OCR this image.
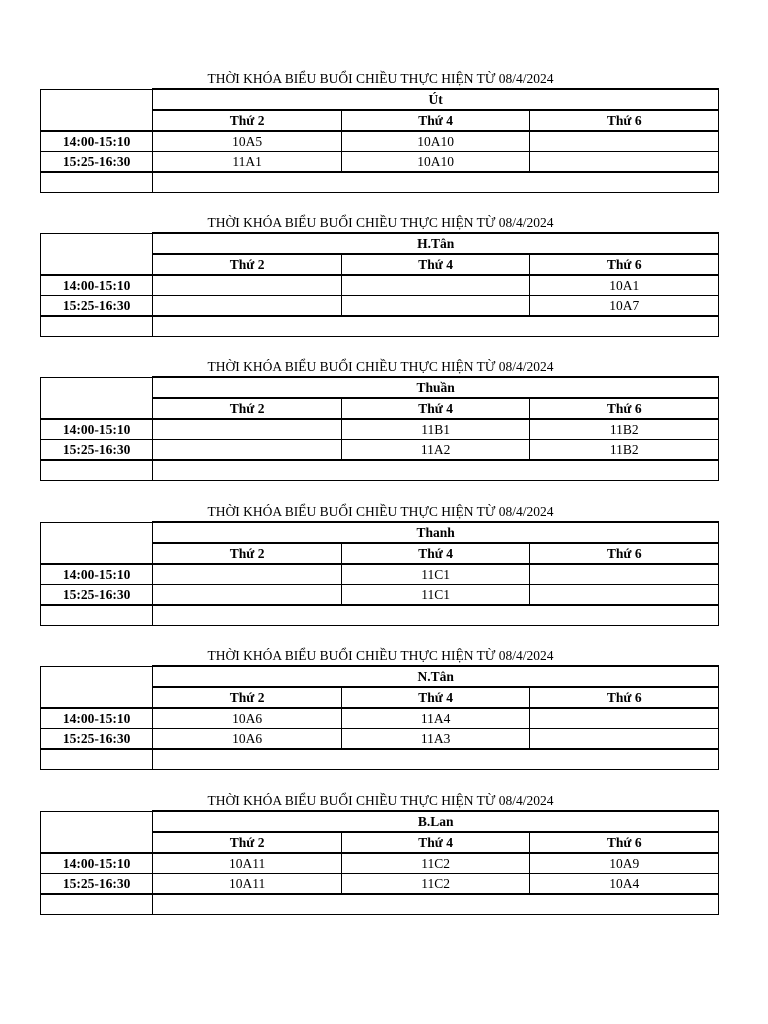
THỜI KHÓA BIỂU BUỔI CHIỀU THỰC HIỆN TỪ 08/4/2024
	Út		
	Thứ 2	Thứ 4	Thứ 6
14:00-15:10	10A5	10A10	
15:25-16:30	11A1	10A10	

THỜI KHÓA BIỂU BUỔI CHIỀU THỰC HIỆN TỪ 08/4/2024
	H.Tân		
	Thứ 2	Thứ 4	Thứ 6
14:00-15:10			10A1
15:25-16:30			10A7

THỜI KHÓA BIỂU BUỔI CHIỀU THỰC HIỆN TỪ 08/4/2024
	Thuần		
	Thứ 2	Thứ 4	Thứ 6
14:00-15:10		11B1	11B2
15:25-16:30		11A2	11B2

THỜI KHÓA BIỂU BUỔI CHIỀU THỰC HIỆN TỪ 08/4/2024
	Thanh		
	Thứ 2	Thứ 4	Thứ 6
14:00-15:10		11C1	
15:25-16:30		11C1	

THỜI KHÓA BIỂU BUỔI CHIỀU THỰC HIỆN TỪ 08/4/2024
	N.Tân		
	Thứ 2	Thứ 4	Thứ 6
14:00-15:10	10A6	11A4	
15:25-16:30	10A6	11A3	

THỜI KHÓA BIỂU BUỔI CHIỀU THỰC HIỆN TỪ 08/4/2024
	B.Lan		
	Thứ 2	Thứ 4	Thứ 6
14:00-15:10	10A11	11C2	10A9
15:25-16:30	10A11	11C2	10A4
